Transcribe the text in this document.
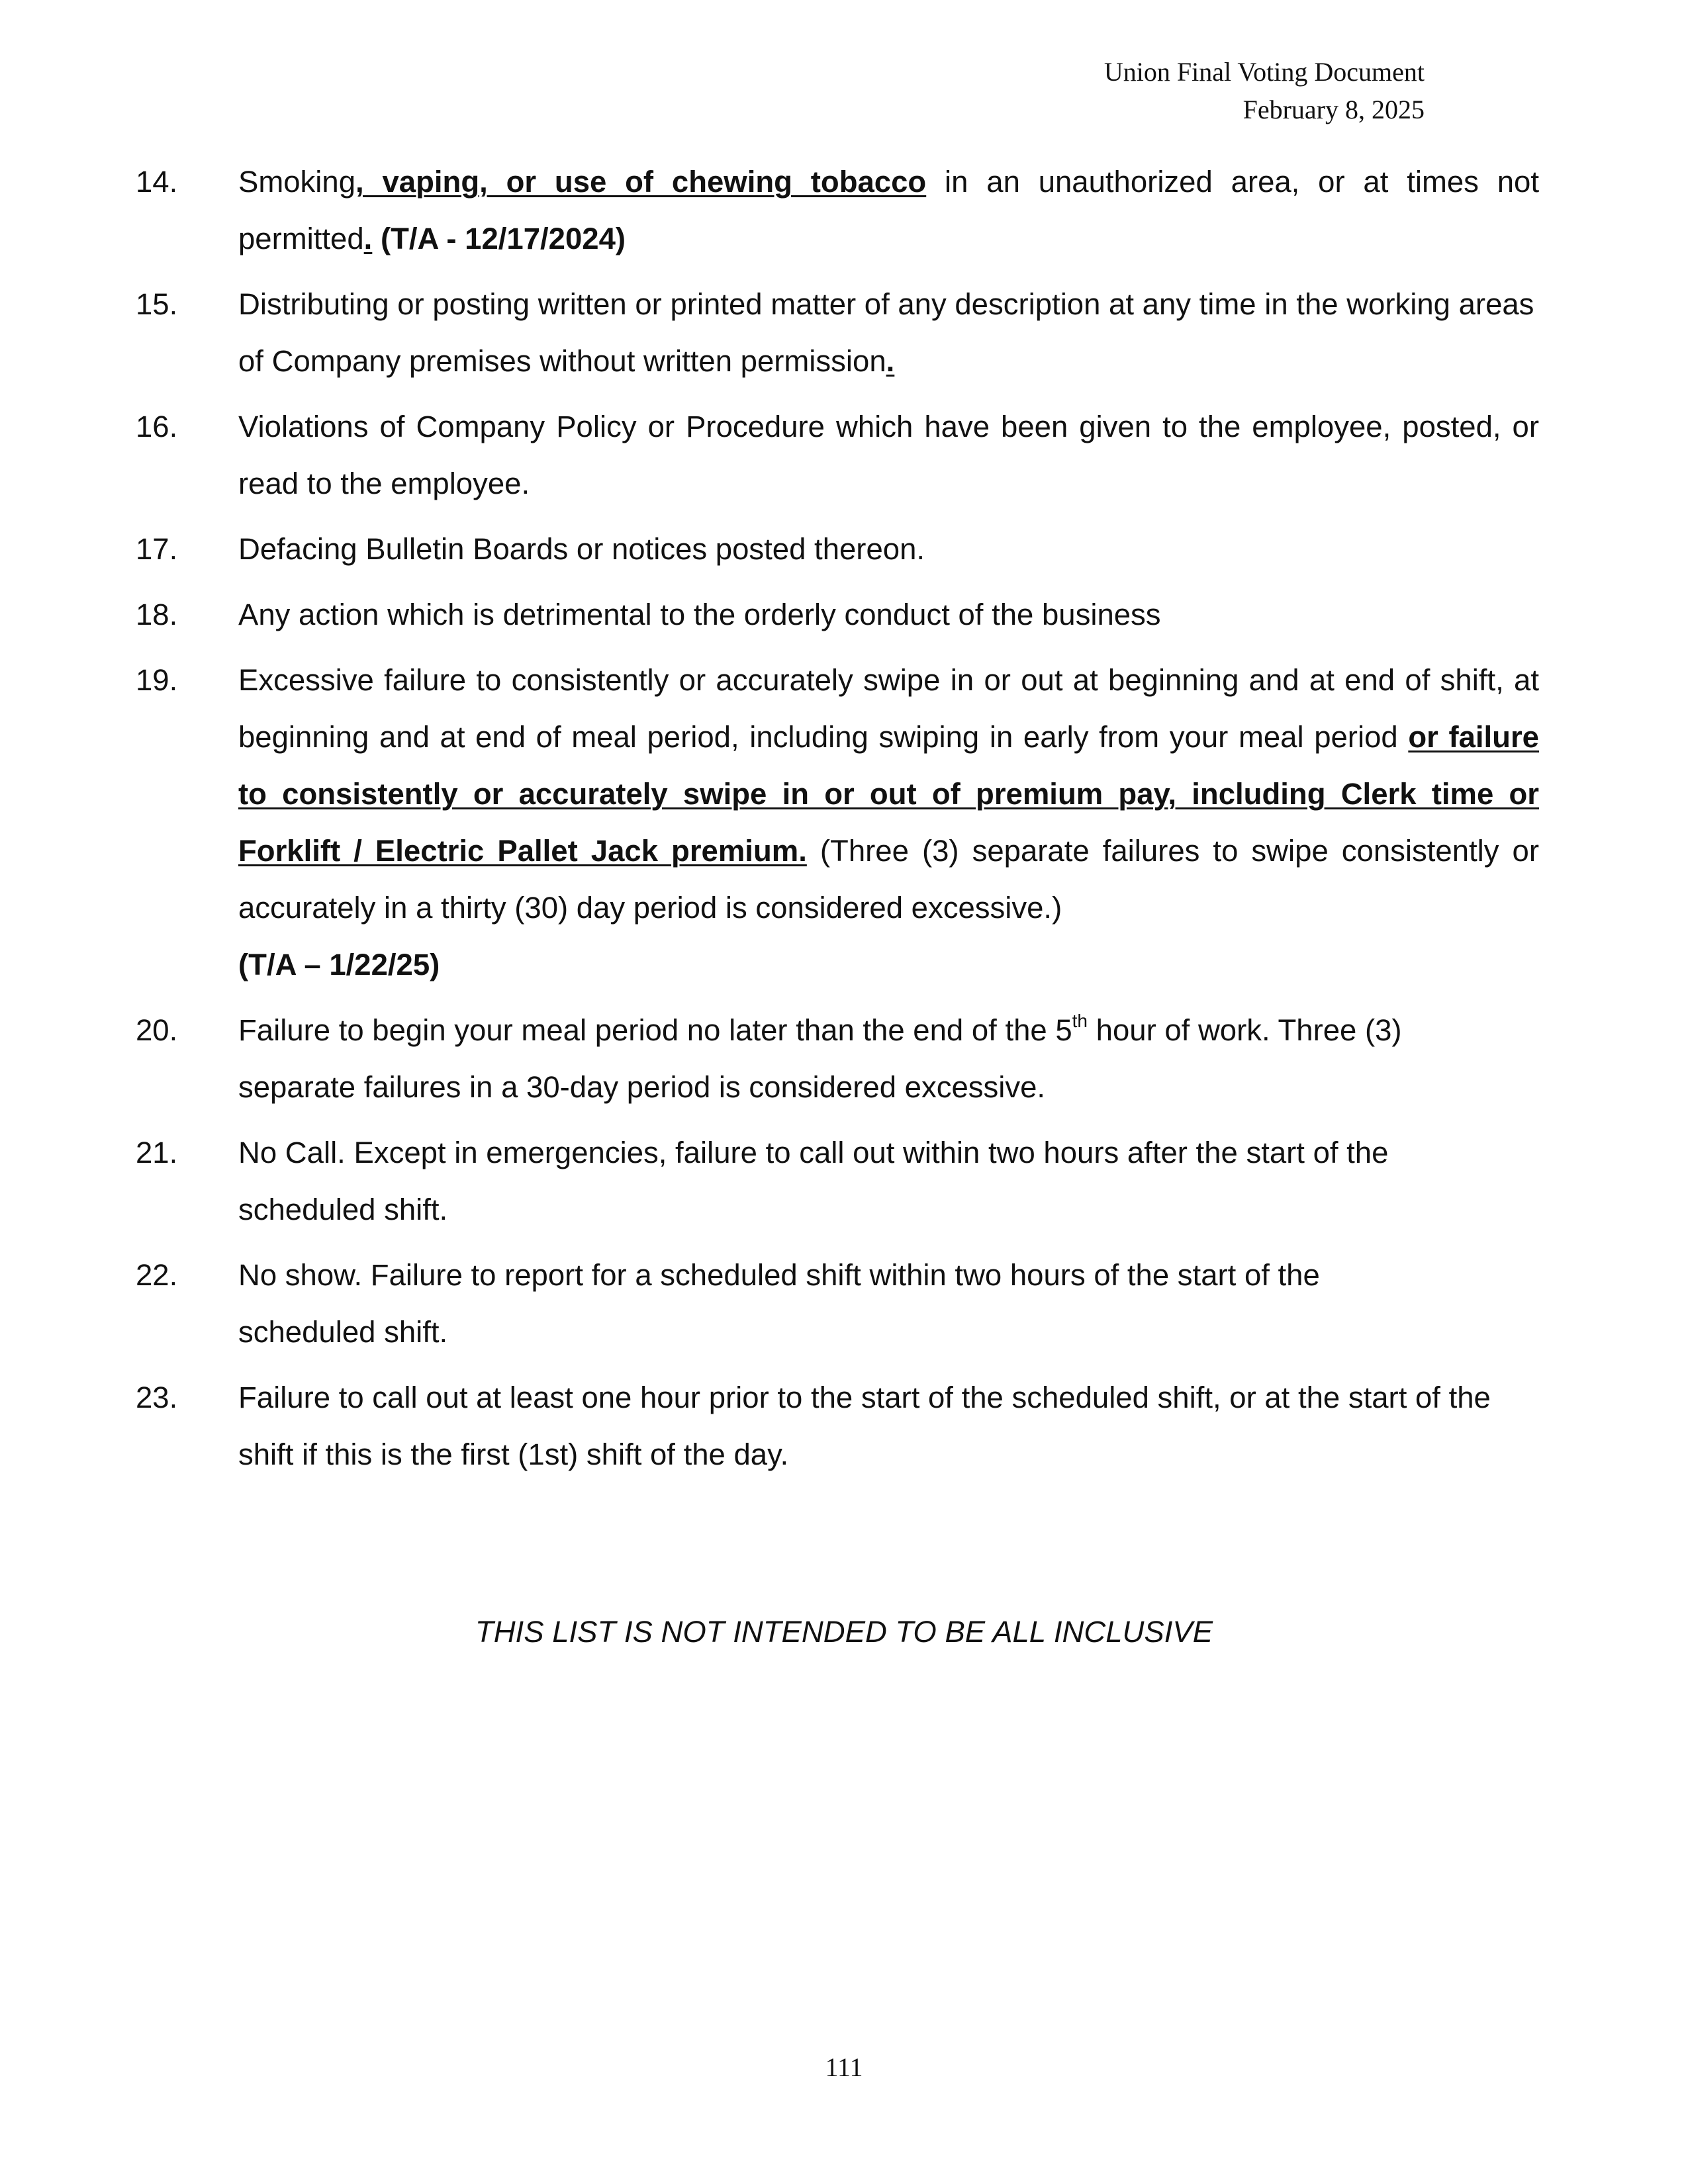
Union Final Voting Document
February 8, 2025
14. Smoking, vaping, or use of chewing tobacco in an unauthorized area, or at times not permitted. (T/A - 12/17/2024)
15. Distributing or posting written or printed matter of any description at any time in the working areas of Company premises without written permission.
16. Violations of Company Policy or Procedure which have been given to the employee, posted, or read to the employee.
17. Defacing Bulletin Boards or notices posted thereon.
18. Any action which is detrimental to the orderly conduct of the business
19. Excessive failure to consistently or accurately swipe in or out at beginning and at end of shift, at beginning and at end of meal period, including swiping in early from your meal period or failure to consistently or accurately swipe in or out of premium pay, including Clerk time or Forklift / Electric Pallet Jack premium. (Three (3) separate failures to swipe consistently or accurately in a thirty (30) day period is considered excessive.)
(T/A – 1/22/25)
20. Failure to begin your meal period no later than the end of the 5th hour of work. Three (3) separate failures in a 30-day period is considered excessive.
21. No Call. Except in emergencies, failure to call out within two hours after the start of the scheduled shift.
22. No show. Failure to report for a scheduled shift within two hours of the start of the scheduled shift.
23. Failure to call out at least one hour prior to the start of the scheduled shift, or at the start of the shift if this is the first (1st) shift of the day.
THIS LIST IS NOT INTENDED TO BE ALL INCLUSIVE
111
